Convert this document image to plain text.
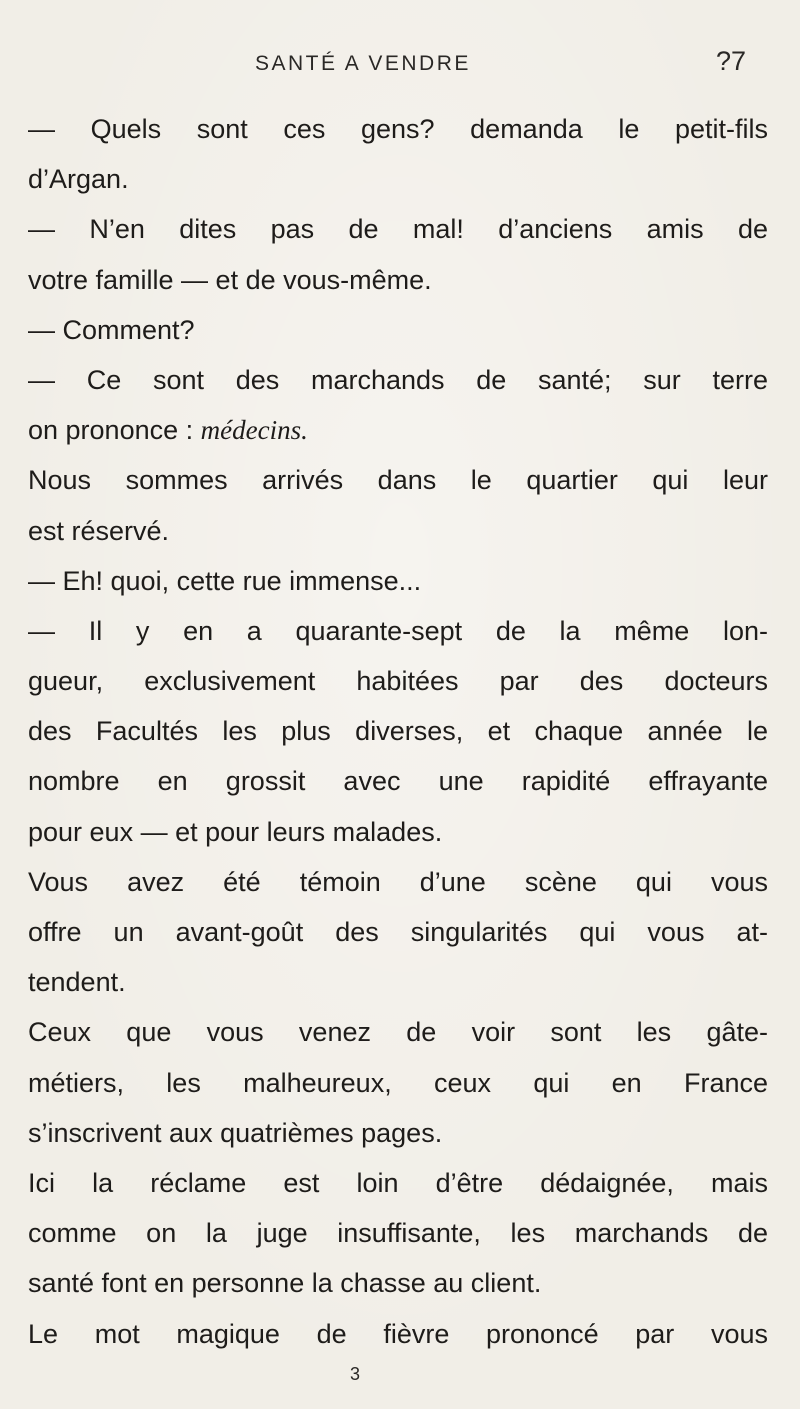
SANTÉ A VENDRE	?7
— Quels sont ces gens? demanda le petit-fils
d’Argan.
— N’en dites pas de mal! d’anciens amis de
votre famille — et de vous-même.
— Comment?
— Ce sont des marchands de santé; sur terre
on prononce : médecins.
Nous sommes arrivés dans le quartier qui leur
est réservé.
— Eh! quoi, cette rue immense...
— Il y en a quarante-sept de la même lon-
gueur, exclusivement habitées par des docteurs
des Facultés les plus diverses, et chaque année le
nombre en grossit avec une rapidité effrayante
pour eux — et pour leurs malades.
Vous avez été témoin d’une scène qui vous
offre un avant-goût des singularités qui vous at-
tendent.
Ceux que vous venez de voir sont les gâte-
métiers, les malheureux, ceux qui en France
s’inscrivent aux quatrièmes pages.
Ici la réclame est loin d’être dédaignée, mais
comme on la juge insuffisante, les marchands de
santé font en personne la chasse au client.
Le mot magique de fièvre prononcé par vous
3
